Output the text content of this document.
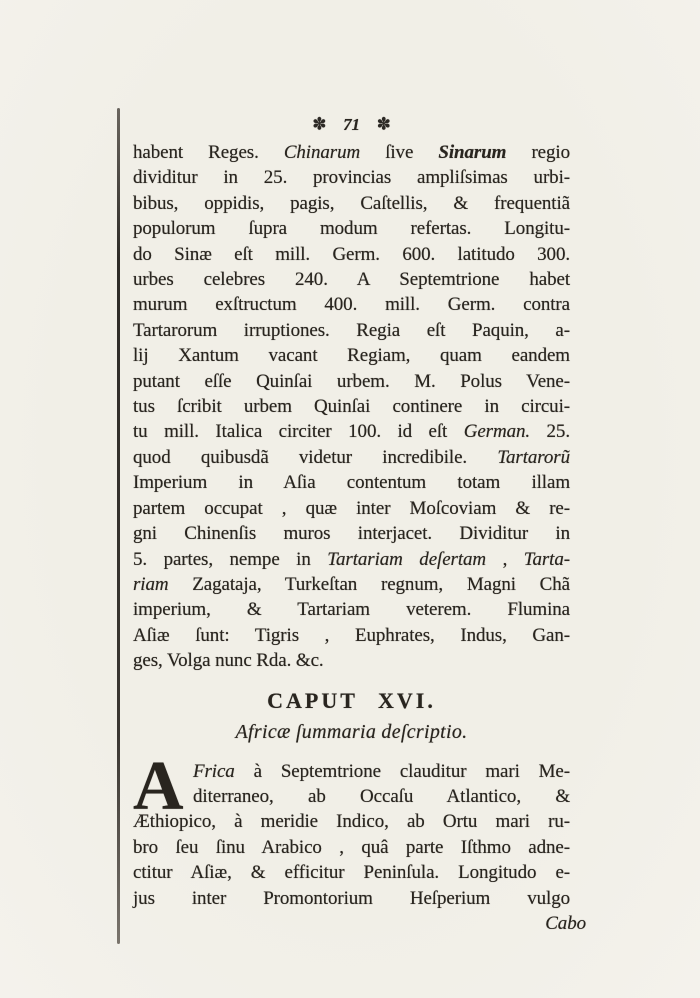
✽ 71 ✽
habent Reges. Chinarum ſive Sinarum regio
dividitur in 25. provincias ampliſsimas urbi-
bibus, oppidis, pagis, Caſtellis, & frequentiã
populorum ſupra modum refertas. Longitu-
do Sinæ eſt mill. Germ. 600. latitudo 300.
urbes celebres 240. A Septemtrione habet
murum exſtructum 400. mill. Germ. contra
Tartarorum irruptiones. Regia eſt Paquin, a-
lij Xantum vacant Regiam, quam eandem
putant eſſe Quinſai urbem. M. Polus Vene-
tus ſcribit urbem Quinſai continere in circui-
tu mill. Italica circiter 100. id eſt German. 25.
quod quibusdã videtur incredibile. Tartarorũ
Imperium in Aſia contentum totam illam
partem occupat , quæ inter Moſcoviam & re-
gni Chinenſis muros interjacet. Dividitur in
5. partes, nempe in Tartariam deſertam , Tarta-
riam Zagataja, Turkeſtan regnum, Magni Chã
imperium, & Tartariam veterem. Flumina
Aſiæ ſunt: Tigris , Euphrates, Indus, Gan-
ges, Volga nunc Rda. &c.
CAPUT XVI.
Africæ ſummaria deſcriptio.
A Frica à Septemtrione clauditur mari Me-
diterraneo, ab Occaſu Atlantico, &
Æthiopico, à meridie Indico, ab Ortu mari ru-
bro ſeu ſinu Arabico , quâ parte Iſthmo adne-
ctitur Aſiæ, & efficitur Peninſula. Longitudo e-
jus inter Promontorium Heſperium vulgo
Cabo
